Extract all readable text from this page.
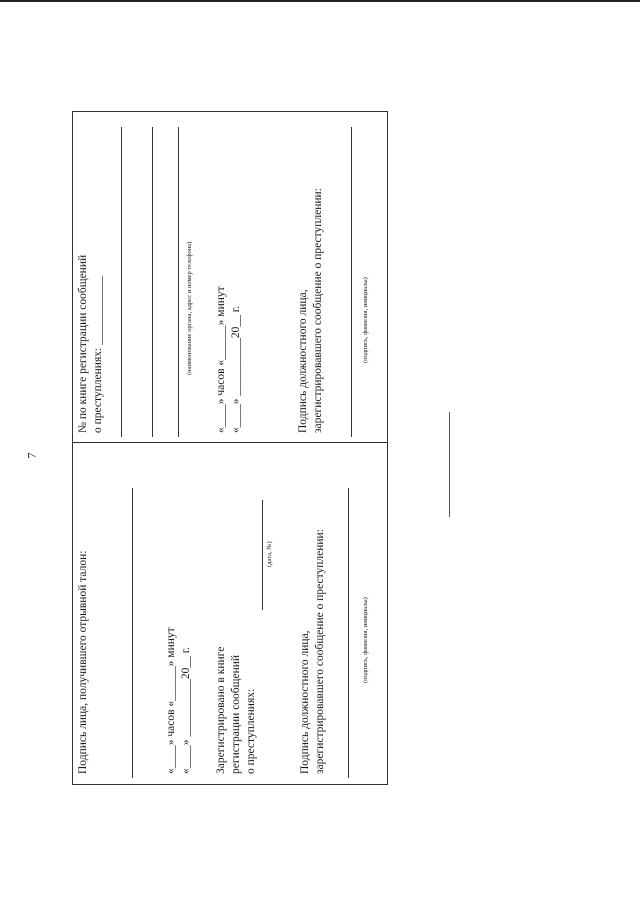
7
Подпись лица, получившего отрывной талон:	«____» часов «______» минут «____» __________20__ г. Зарегистрировано в книге регистрации сообщений о преступлениях:
(дата, №)
Подпись должностного лица, зарегистрировавшего сообщение о преступлении:	(подпись, фамилия, инициалы)
№ по книге регистрации сообщений о преступлениях: ____________	(наименование органа, адрес и номер телефона) «____» часов «______» минут «____» __________20__ г.	Подпись должностного лица, зарегистрировавшего сообщение о преступлении:	(подпись, фамилия, инициалы)
